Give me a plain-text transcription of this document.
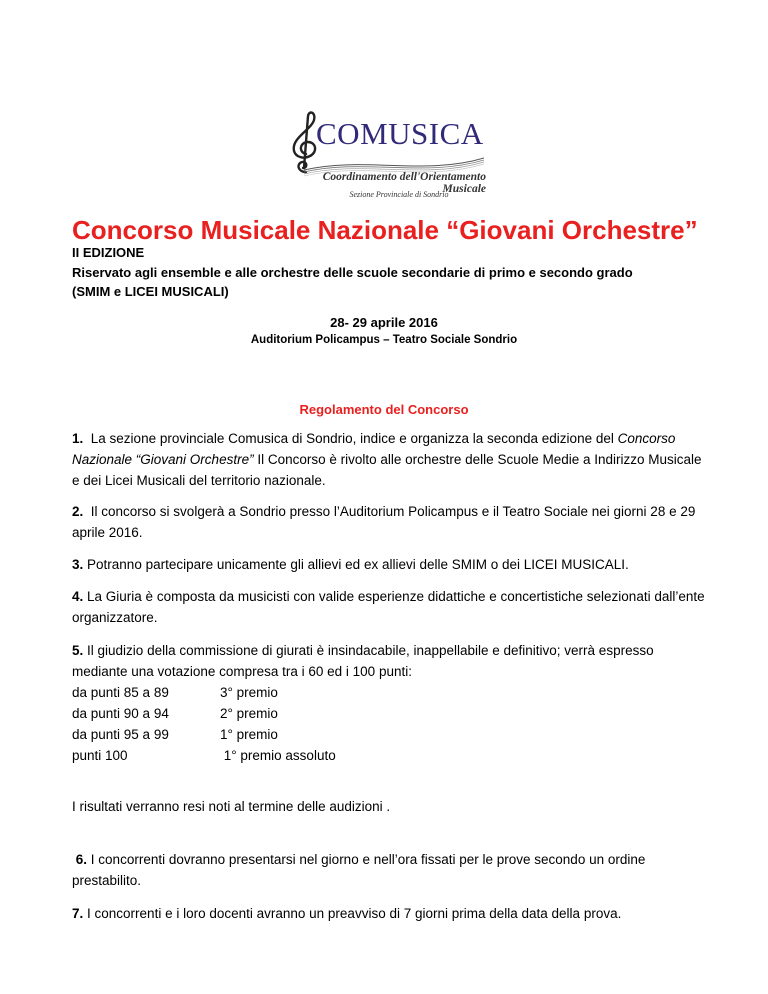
COMUSICA
Coordinamento dell'Orientamento Musicale
Sezione Provinciale di Sondrio
Concorso Musicale Nazionale “Giovani Orchestre”

II EDIZIONE

Riservato agli ensemble e alle orchestre delle scuole secondarie di primo e secondo grado

(SMIM e LICEI MUSICALI)

28- 29 aprile 2016

Auditorium Policampus – Teatro Sociale Sondrio

Regolamento del Concorso

1. La sezione provinciale Comusica di Sondrio, indice e organizza la seconda edizione del Concorso Nazionale “Giovani Orchestre” Il Concorso è rivolto alle orchestre delle Scuole Medie a Indirizzo Musicale e dei Licei Musicali del territorio nazionale.

2. Il concorso si svolgerà a Sondrio presso l’Auditorium Policampus e il Teatro Sociale nei giorni 28 e 29 aprile 2016.

3. Potranno partecipare unicamente gli allievi ed ex allievi delle SMIM o dei LICEI MUSICALI.

4. La Giuria è composta da musicisti con valide esperienze didattiche e concertistiche selezionati dall’ente organizzatore.

5. Il giudizio della commissione di giurati è insindacabile, inappellabile e definitivo; verrà espresso mediante una votazione compresa tra i 60 ed i 100 punti:

da punti 85 a 89	3° premio
da punti 90 a 94	2° premio
da punti 95 a 99	1° premio
punti 100	1° premio assoluto

I risultati verranno resi noti al termine delle audizioni .

6. I concorrenti dovranno presentarsi nel giorno e nell’ora fissati per le prove secondo un ordine prestabilito.

7. I concorrenti e i loro docenti avranno un preavviso di 7 giorni prima della data della prova.
